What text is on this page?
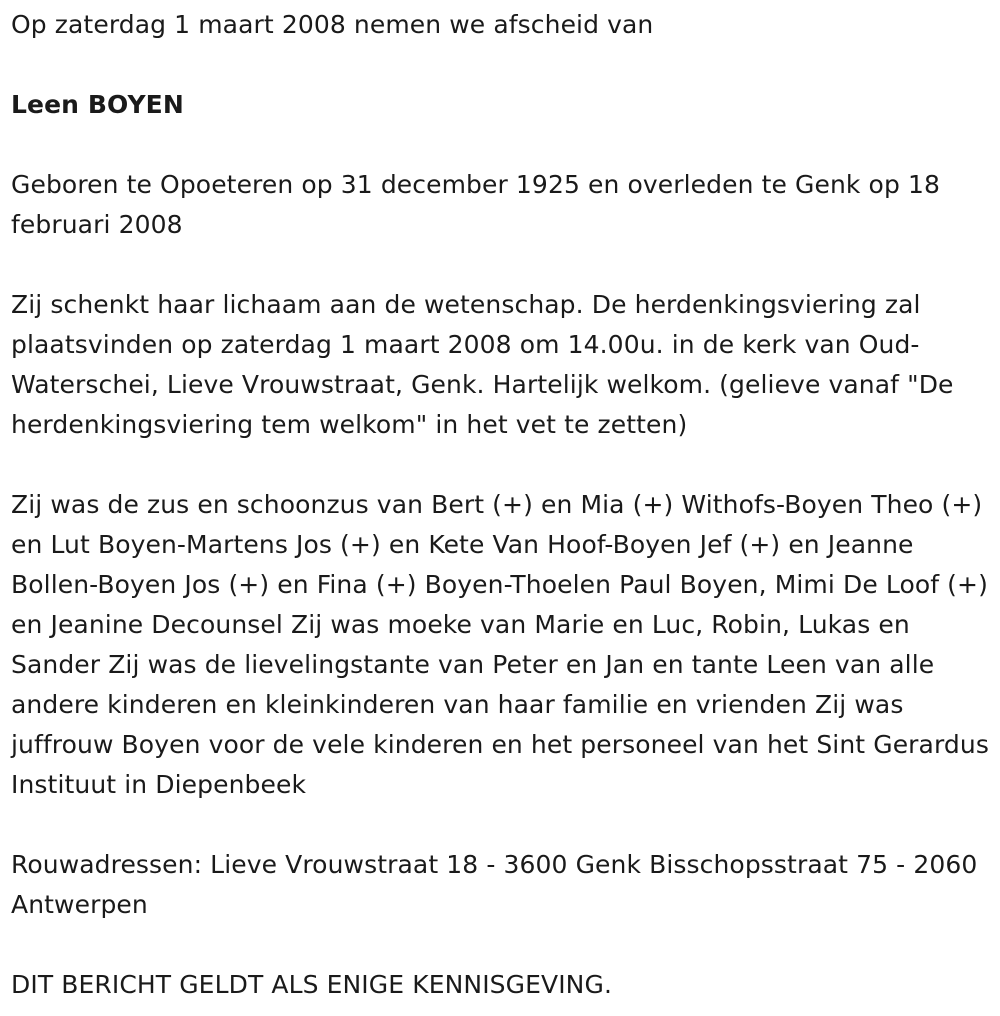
Op zaterdag 1 maart 2008 nemen we afscheid van

Leen BOYEN

Geboren te Opoeteren op 31 december 1925 en overleden te Genk op 18 februari 2008

Zij schenkt haar lichaam aan de wetenschap. De herdenkingsviering zal plaatsvinden op zaterdag 1 maart 2008 om 14.00u. in de kerk van Oud-Waterschei, Lieve Vrouwstraat, Genk. Hartelijk welkom. (gelieve vanaf "De herdenkingsviering tem welkom" in het vet te zetten)

Zij was de zus en schoonzus van Bert (+) en Mia (+) Withofs-Boyen Theo (+) en Lut Boyen-Martens Jos (+) en Kete Van Hoof-Boyen Jef (+) en Jeanne Bollen-Boyen Jos (+) en Fina (+) Boyen-Thoelen Paul Boyen, Mimi De Loof (+) en Jeanine Decounsel Zij was moeke van Marie en Luc, Robin, Lukas en Sander Zij was de lievelingstante van Peter en Jan en tante Leen van alle andere kinderen en kleinkinderen van haar familie en vrienden Zij was juffrouw Boyen voor de vele kinderen en het personeel van het Sint Gerardus Instituut in Diepenbeek

Rouwadressen: Lieve Vrouwstraat 18 - 3600 Genk Bisschopsstraat 75 - 2060 Antwerpen

DIT BERICHT GELDT ALS ENIGE KENNISGEVING.
